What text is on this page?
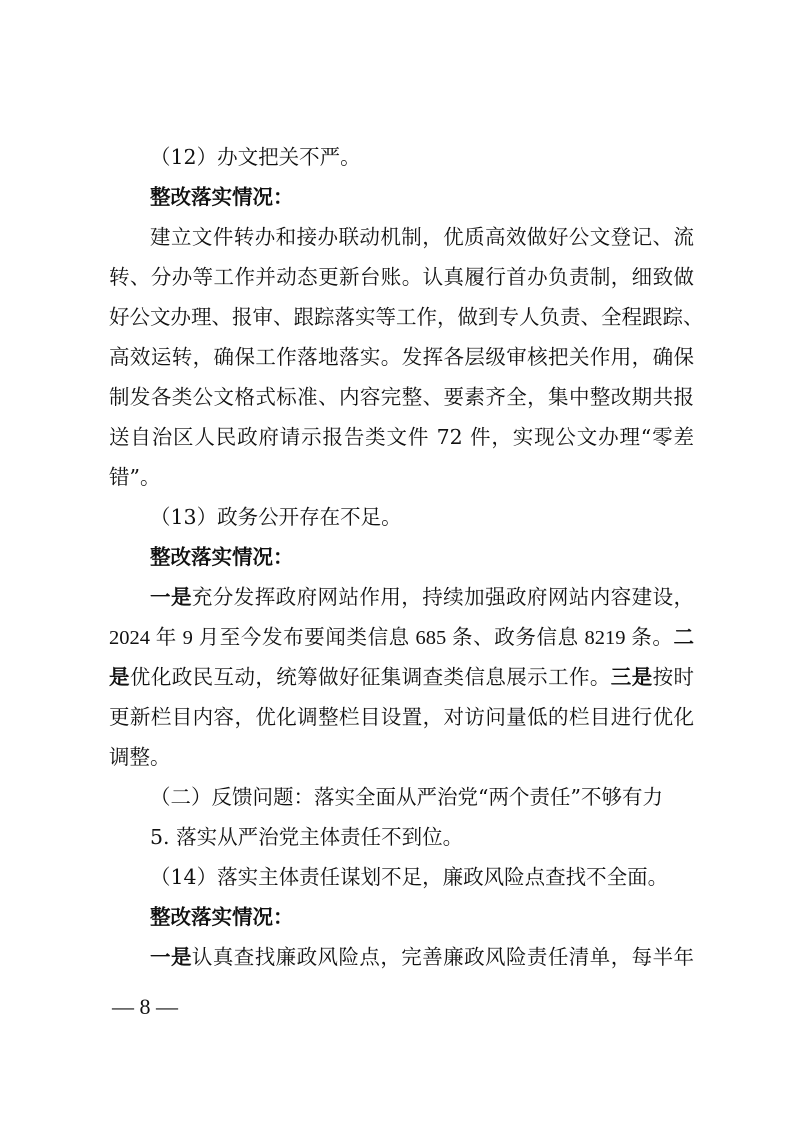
（12）办文把关不严。
整改落实情况：
建立文件转办和接办联动机制，优质高效做好公文登记、流
转、分办等工作并动态更新台账。认真履行首办负责制，细致做
好公文办理、报审、跟踪落实等工作，做到专人负责、全程跟踪、
高效运转，确保工作落地落实。发挥各层级审核把关作用，确保
制发各类公文格式标准、内容完整、要素齐全，集中整改期共报
送自治区人民政府请示报告类文件 72 件，实现公文办理“零差
错”。
（13）政务公开存在不足。
整改落实情况：
一是充分发挥政府网站作用，持续加强政府网站内容建设，
2024 年 9 月至今发布要闻类信息 685 条、政务信息 8219 条。二
是优化政民互动，统筹做好征集调查类信息展示工作。三是按时
更新栏目内容，优化调整栏目设置，对访问量低的栏目进行优化
调整。
（二）反馈问题：落实全面从严治党“两个责任”不够有力
5. 落实从严治党主体责任不到位。
（14）落实主体责任谋划不足，廉政风险点查找不全面。
整改落实情况：
一是认真查找廉政风险点，完善廉政风险责任清单，每半年
— 8 —
